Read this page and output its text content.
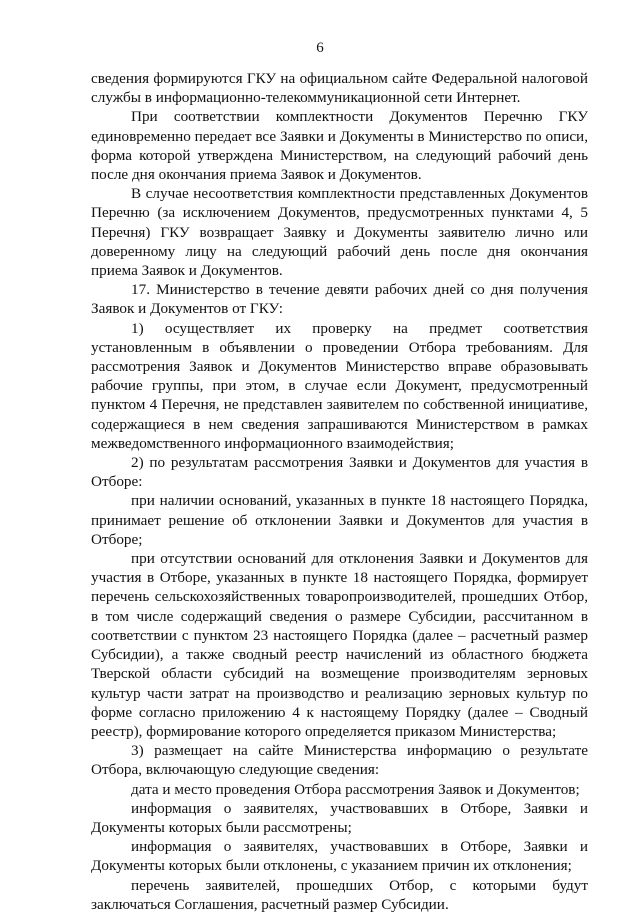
6

сведения формируются ГКУ на официальном сайте Федеральной налоговой службы в информационно-телекоммуникационной сети Интернет.

При соответствии комплектности Документов Перечню ГКУ единовременно передает все Заявки и Документы в Министерство по описи, форма которой утверждена Министерством, на следующий рабочий день после дня окончания приема Заявок и Документов.

В случае несоответствия комплектности представленных Документов Перечню (за исключением Документов, предусмотренных пунктами 4, 5 Перечня) ГКУ возвращает Заявку и Документы заявителю лично или доверенному лицу на следующий рабочий день после дня окончания приема Заявок и Документов.

17. Министерство в течение девяти рабочих дней со дня получения Заявок и Документов от ГКУ:

1) осуществляет их проверку на предмет соответствия установленным в объявлении о проведении Отбора требованиям. Для рассмотрения Заявок и Документов Министерство вправе образовывать рабочие группы, при этом, в случае если Документ, предусмотренный пунктом 4 Перечня, не представлен заявителем по собственной инициативе, содержащиеся в нем сведения запрашиваются Министерством в рамках межведомственного информационного взаимодействия;

2) по результатам рассмотрения Заявки и Документов для участия в Отборе:

при наличии оснований, указанных в пункте 18 настоящего Порядка, принимает решение об отклонении Заявки и Документов для участия в Отборе;

при отсутствии оснований для отклонения Заявки и Документов для участия в Отборе, указанных в пункте 18 настоящего Порядка, формирует перечень сельскохозяйственных товаропроизводителей, прошедших Отбор, в том числе содержащий сведения о размере Субсидии, рассчитанном в соответствии с пунктом 23 настоящего Порядка (далее – расчетный размер Субсидии), а также сводный реестр начислений из областного бюджета Тверской области субсидий на возмещение производителям зерновых культур части затрат на производство и реализацию зерновых культур по форме согласно приложению 4 к настоящему Порядку (далее – Сводный реестр), формирование которого определяется приказом Министерства;

3) размещает на сайте Министерства информацию о результате Отбора, включающую следующие сведения:

дата и место проведения Отбора рассмотрения Заявок и Документов;

информация о заявителях, участвовавших в Отборе, Заявки и Документы которых были рассмотрены;

информация о заявителях, участвовавших в Отборе, Заявки и Документы которых были отклонены, с указанием причин их отклонения;

перечень заявителей, прошедших Отбор, с которыми будут заключаться Соглашения, расчетный размер Субсидии.
